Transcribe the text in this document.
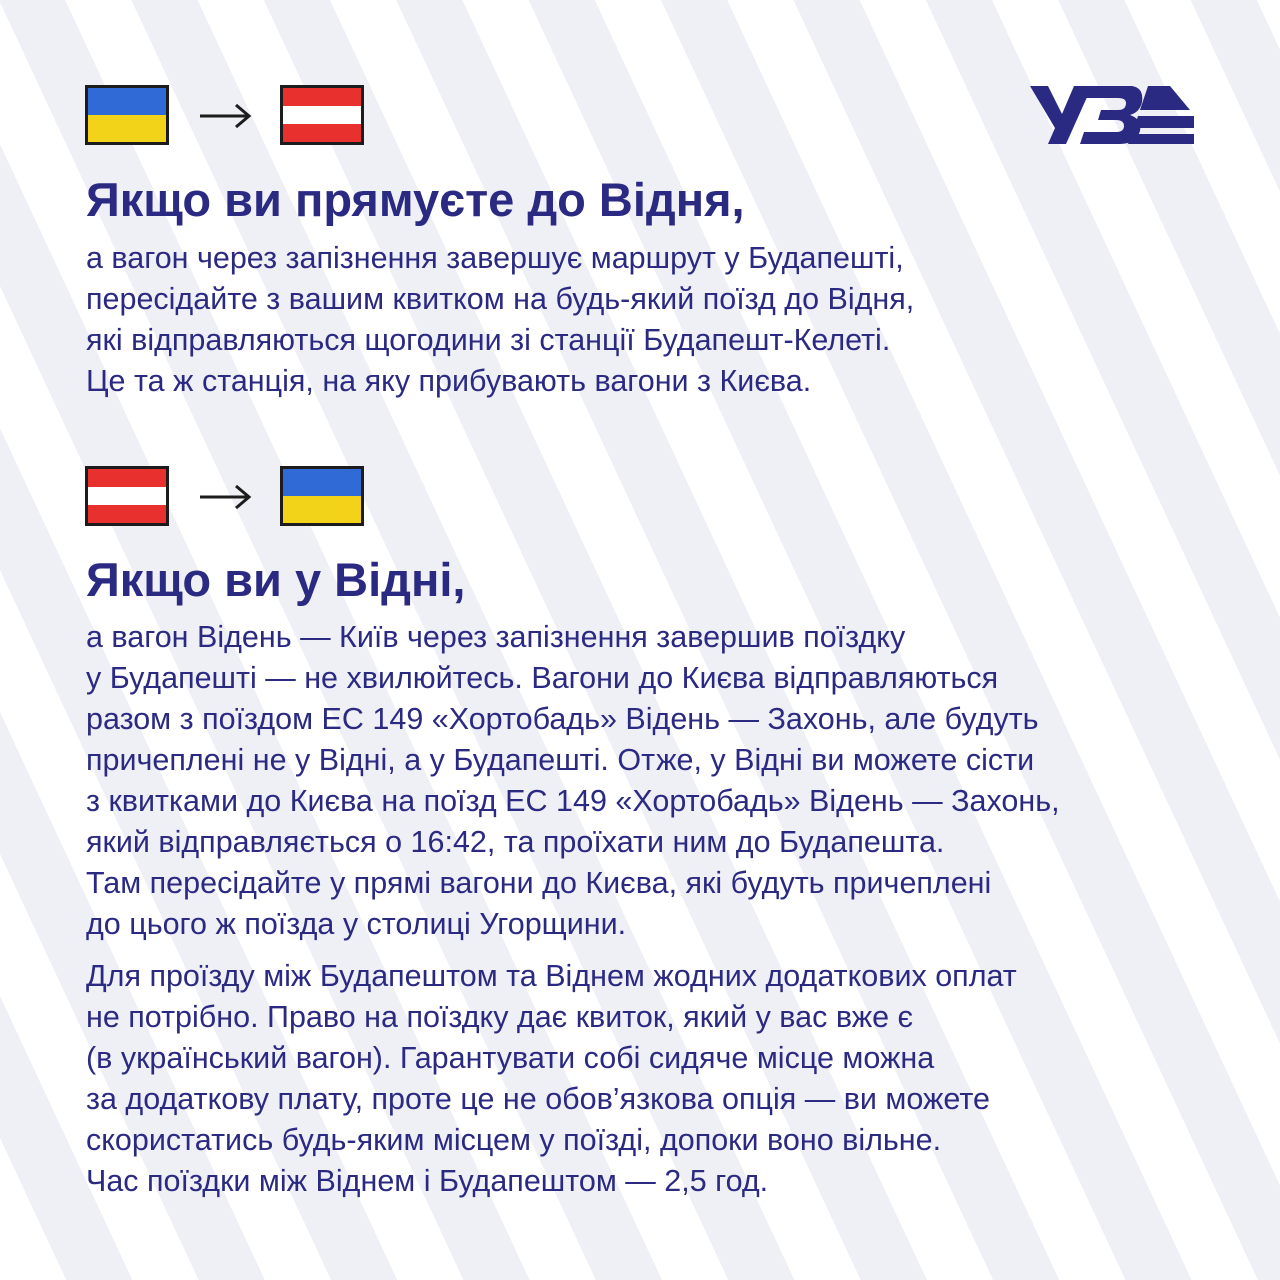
Якщо ви прямуєте до Відня,
а вагон через запізнення завершує маршрут у Будапешті,
пересідайте з вашим квитком на будь-який поїзд до Відня,
які відправляються щогодини зі станції Будапешт-Келеті.
Це та ж станція, на яку прибувають вагони з Києва.
Якщо ви у Відні,
а вагон Відень — Київ через запізнення завершив поїздку
у Будапешті — не хвилюйтесь. Вагони до Києва відправляються
разом з поїздом ЕС 149 «Хортобадь» Відень — Захонь, але будуть
причеплені не у Відні, а у Будапешті. Отже, у Відні ви можете сісти
з квитками до Києва на поїзд ЕС 149 «Хортобадь» Відень — Захонь,
який відправляється о 16:42, та проїхати ним до Будапешта.
Там пересідайте у прямі вагони до Києва, які будуть причеплені
до цього ж поїзда у столиці Угорщини.
Для проїзду між Будапештом та Віднем жодних додаткових оплат
не потрібно. Право на поїздку дає квиток, який у вас вже є
(в український вагон). Гарантувати собі сидяче місце можна
за додаткову плату, проте це не обов’язкова опція — ви можете
скористатись будь-яким місцем у поїзді, допоки воно вільне.
Час поїздки між Віднем і Будапештом — 2,5 год.
